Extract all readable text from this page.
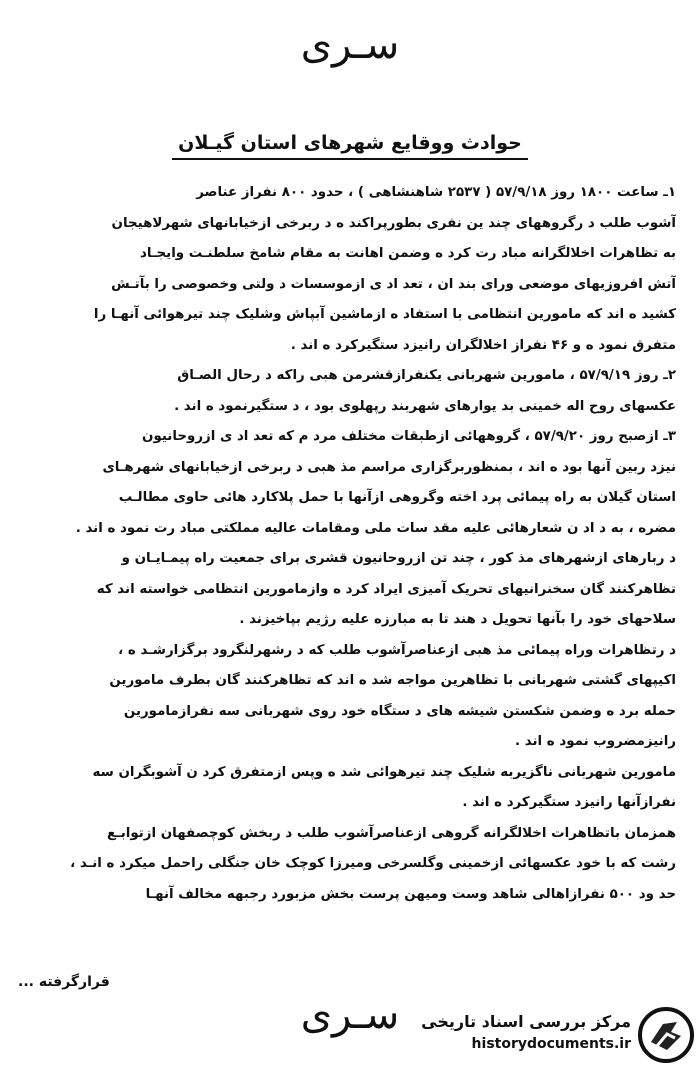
سـری
حوادث ووقایع شهرهای استان گیـلان
۱ـ ساعت ۱۸۰۰ روز ۵۷/۹/۱۸ ( ۲۵۳۷ شاهنشاهی ) ، حدود ۸۰۰ نفراز عناصر
آشوب طلب د رگروههای چند ین نفری بطورپراکند ه د ربرخی ازخیابانهای شهرلاهیجان
به تظاهرات اخلالگرانه مباد رت کرد ه وضمن اهانت به مقام شامخ سلطنـت وایجـاد
آتش افروزیهای موضعی ورای بند ان ، تعد اد ی ازموسسات د ولتی وخصوصی را بآتـش
کشید ه اند که مامورین انتظامی با استفاد ه ازماشین آبپاش وشلیک چند تیرهوائی آنهـا را
متفرق نمود ه و ۴۶ نفراز اخلالگران رانیزد ستگیرکرد ه اند .
۲ـ روز ۵۷/۹/۱۹ ، مامورین شهربانی یکنفرازقشرمن هبی راکه د رحال الصـاق
عکسهای روح اله خمینی بد یوارهای شهربند رپهلوی بود ، د ستگیرنمود ه اند .
۳ـ ازصبح روز ۵۷/۹/۲۰ ، گروههائی ازطبقات مختلف مرد م که تعد اد ی ازروحانیون
نیزد ربین آنها بود ه اند ، بمنظوربرگزاری مراسم مذ هبی د ربرخی ازخیابانهای شهرهـای
استان گیلان به راه پیمائی پرد اخته وگروهی ازآنها با حمل پلاکارد هائی حاوی مطالـب
مضره ، به د اد ن شعارهائی علیه مقد سات ملی ومقامات عالیه مملکتی مباد رت نمود ه اند .
د ربارهای ازشهرهای مذ کور ، چند تن ازروحانیون قشری برای جمعیت راه پیمـایـان و
تظاهرکنند گان سخنرانیهای تحریک آمیزی ایراد کرد ه وازمامورین انتظامی خواسته اند که
سلاحهای خود را بآنها تحویل د هند تا به مبارزه علیه رژیم بپاخیزند .
د رتظاهرات وراه پیمائی مذ هبی ازعناصرآشوب طلب که د رشهرلنگرود برگزارشـد ه ،
اکیپهای گشتی شهربانی با تظاهرین مواجه شد ه اند که تظاهرکنند گان بطرف مامورین
حمله برد ه وضمن شکستن شیشه های د ستگاه خود روی شهربانی سه نفرازمامورین
رانیزمضروب نمود ه اند .
مامورین شهربانی ناگزیربه شلیک چند تیرهوائی شد ه وپس ازمتفرق کرد ن آشوبگران سه
نفرازآنها رانیزد ستگیرکرد ه اند .
همزمان باتظاهرات اخلالگرانه گروهی ازعناصرآشوب طلب د ربخش کوچصفهان ازتوابـع
رشت که با خود عکسهائی ازخمینی وگلسرخی ومیرزا کوچک خان جنگلی راحمل میکرد ه انـد ،
حد ود ۵۰۰ نفرازاهالی شاهد وست ومیهن پرست بخش مزبورد رجبهه مخالف آنهـا
قرارگرفته ...
سـری	مرکز بررسی اسناد تاریخی
historydocuments.ir
